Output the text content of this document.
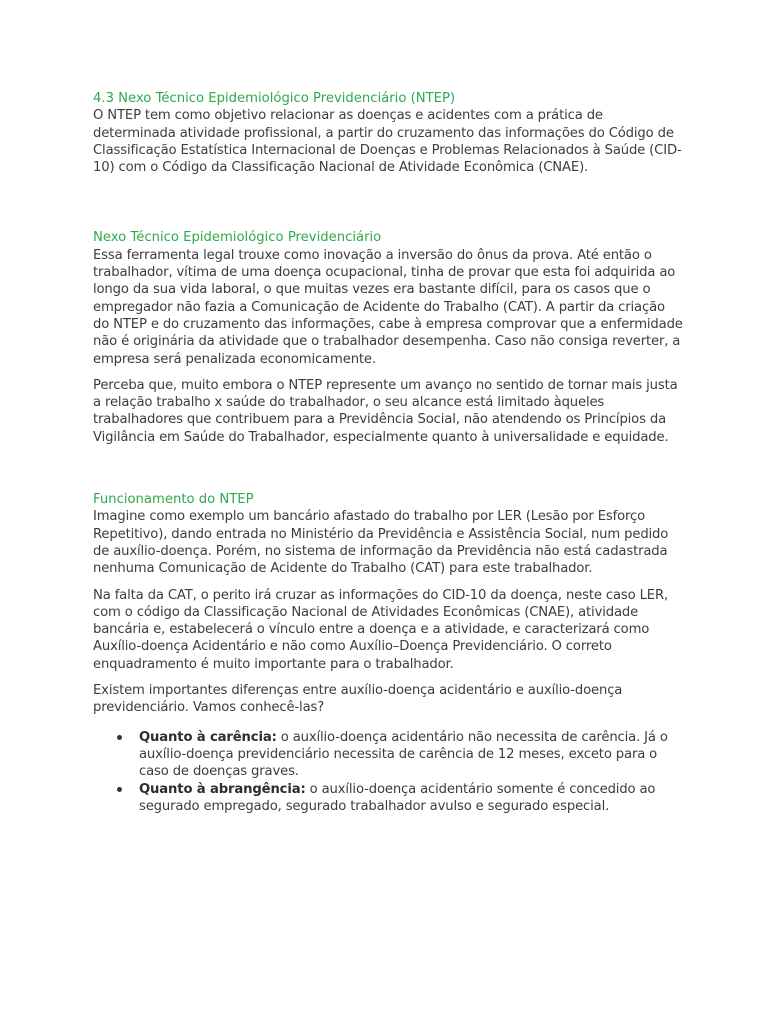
4.3 Nexo Técnico Epidemiológico Previdenciário (NTEP)

O NTEP tem como objetivo relacionar as doenças e acidentes com a prática de determinada atividade profissional, a partir do cruzamento das informações do Código de Classificação Estatística Internacional de Doenças e Problemas Relacionados à Saúde (CID-10) com o Código da Classificação Nacional de Atividade Econômica (CNAE).

Nexo Técnico Epidemiológico Previdenciário

Essa ferramenta legal trouxe como inovação a inversão do ônus da prova. Até então o trabalhador, vítima de uma doença ocupacional, tinha de provar que esta foi adquirida ao longo da sua vida laboral, o que muitas vezes era bastante difícil, para os casos que o empregador não fazia a Comunicação de Acidente do Trabalho (CAT). A partir da criação do NTEP e do cruzamento das informações, cabe à empresa comprovar que a enfermidade não é originária da atividade que o trabalhador desempenha. Caso não consiga reverter, a empresa será penalizada economicamente.

Perceba que, muito embora o NTEP represente um avanço no sentido de tornar mais justa a relação trabalho x saúde do trabalhador, o seu alcance está limitado àqueles trabalhadores que contribuem para a Previdência Social, não atendendo os Princípios da Vigilância em Saúde do Trabalhador, especialmente quanto à universalidade e equidade.

Funcionamento do NTEP

Imagine como exemplo um bancário afastado do trabalho por LER (Lesão por Esforço Repetitivo), dando entrada no Ministério da Previdência e Assistência Social, num pedido de auxílio-doença. Porém, no sistema de informação da Previdência não está cadastrada nenhuma Comunicação de Acidente do Trabalho (CAT) para este trabalhador.

Na falta da CAT, o perito irá cruzar as informações do CID-10 da doença, neste caso LER, com o código da Classificação Nacional de Atividades Econômicas (CNAE), atividade bancária e, estabelecerá o vínculo entre a doença e a atividade, e caracterizará como Auxílio-doença Acidentário e não como Auxílio–Doença Previdenciário. O correto enquadramento é muito importante para o trabalhador.

Existem importantes diferenças entre auxílio-doença acidentário e auxílio-doença previdenciário. Vamos conhecê-las?

Quanto à carência: o auxílio-doença acidentário não necessita de carência. Já o auxílio-doença previdenciário necessita de carência de 12 meses, exceto para o caso de doenças graves.
Quanto à abrangência: o auxílio-doença acidentário somente é concedido ao segurado empregado, segurado trabalhador avulso e segurado especial.
